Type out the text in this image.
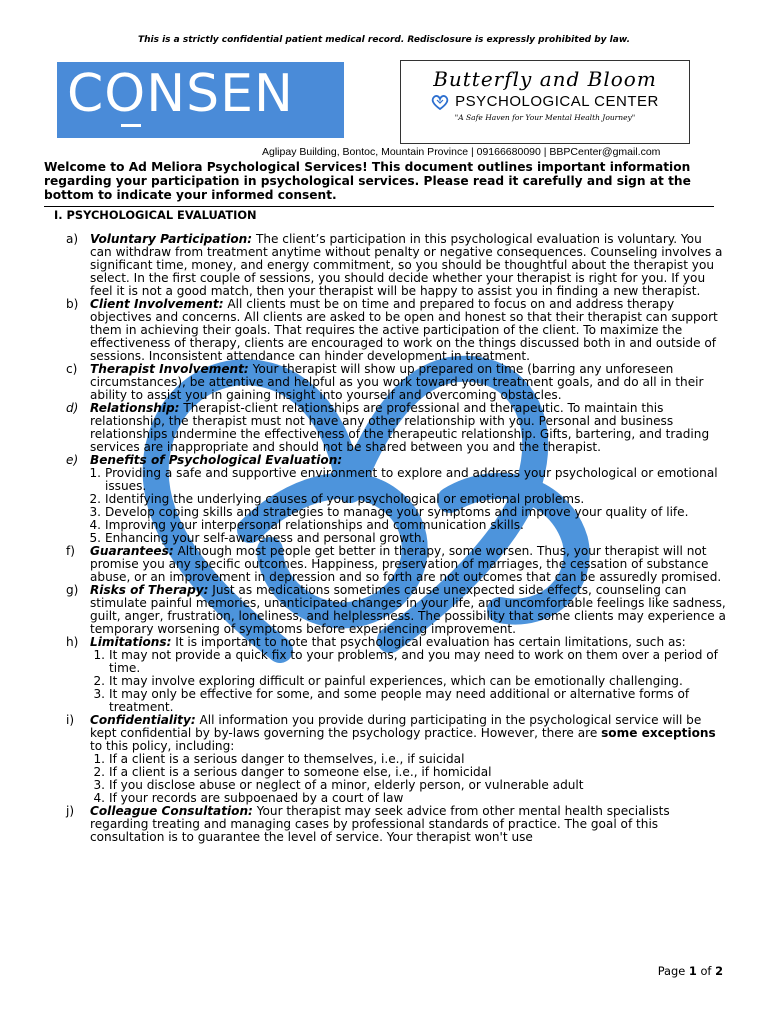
This is a strictly confidential patient medical record. Redisclosure is expressly prohibited by law.
CONSEN	Butterfly and Bloom
PSYCHOLOGICAL CENTER
"A Safe Haven for Your Mental Health Journey"
Aglipay Building, Bontoc, Mountain Province | 09166680090 | BBPCenter@gmail.com
Welcome to Ad Meliora Psychological Services! This document outlines important information regarding your participation in psychological services. Please read it carefully and sign at the bottom to indicate your informed consent.
I. PSYCHOLOGICAL EVALUATION
a) Voluntary Participation: The client’s participation in this psychological evaluation is voluntary. You can withdraw from treatment anytime without penalty or negative consequences. Counseling involves a significant time, money, and energy commitment, so you should be thoughtful about the therapist you select. In the first couple of sessions, you should decide whether your therapist is right for you. If you feel it is not a good match, then your therapist will be happy to assist you in finding a new therapist.
b) Client Involvement: All clients must be on time and prepared to focus on and address therapy objectives and concerns. All clients are asked to be open and honest so that their therapist can support them in achieving their goals. That requires the active participation of the client. To maximize the effectiveness of therapy, clients are encouraged to work on the things discussed both in and outside of sessions. Inconsistent attendance can hinder development in treatment.
c)	Therapist Involvement: Your therapist will show up prepared on time (barring any unforeseen circumstances), be attentive and helpful as you work toward your treatment goals, and do all in their ability to assist you in gaining insight into yourself and overcoming obstacles.
d) Relationship: Therapist-client relationships are professional and therapeutic. To maintain this relationship, the therapist must not have any other relationship with you. Personal and business relationships undermine the effectiveness of the therapeutic relationship. Gifts, bartering, and trading services are inappropriate and should not be shared between you and the therapist.
e) Benefits of Psychological Evaluation:
1. Providing a safe and supportive environment to explore and address your psychological or emotional issues.
2. Identifying the underlying causes of your psychological or emotional problems.
3. Develop coping skills and strategies to manage your symptoms and improve your quality of life.
4. Improving your interpersonal relationships and communication skills.
5. Enhancing your self-awareness and personal growth.
f)	Guarantees: Although most people get better in therapy, some worsen. Thus, your therapist will not promise you any specific outcomes. Happiness, preservation of marriages, the cessation of substance abuse, or an improvement in depression and so forth are not outcomes that can be assuredly promised.
g) Risks of Therapy: Just as medications sometimes cause unexpected side effects, counseling can stimulate painful memories, unanticipated changes in your life, and uncomfortable feelings like sadness, guilt, anger, frustration, loneliness, and helplessness. The possibility that some clients may experience a temporary worsening of symptoms before experiencing improvement.
h) Limitations: It is important to note that psychological evaluation has certain limitations, such as:
1. It may not provide a quick fix to your problems, and you may need to work on them over a period of time.
2. It may involve exploring difficult or painful experiences, which can be emotionally challenging.
3. It may only be effective for some, and some people may need additional or alternative forms of treatment.
i)	Confidentiality: All information you provide during participating in the psychological service will be kept confidential by by-laws governing the psychology practice. However, there are some exceptions to this policy, including:
1. If a client is a serious danger to themselves, i.e., if suicidal
2. If a client is a serious danger to someone else, i.e., if homicidal
3. If you disclose abuse or neglect of a minor, elderly person, or vulnerable adult
4. If your records are subpoenaed by a court of law
j)	Colleague Consultation: Your therapist may seek advice from other mental health specialists regarding treating and managing cases by professional standards of practice. The goal of this consultation is to guarantee the level of service. Your therapist won't use
Page 1 of 2
